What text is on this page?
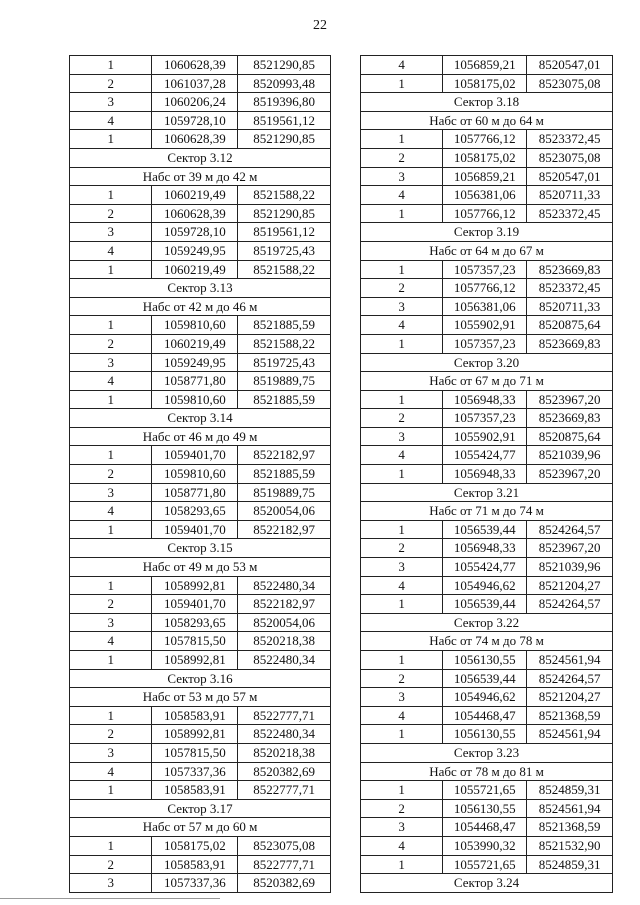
22
1	1060628,39	8521290,85
2	1061037,28	8520993,48
3	1060206,24	8519396,80
4	1059728,10	8519561,12
1	1060628,39	8521290,85
Сектор 3.12		
Набс от 39 м до 42 м		
1	1060219,49	8521588,22
2	1060628,39	8521290,85
3	1059728,10	8519561,12
4	1059249,95	8519725,43
1	1060219,49	8521588,22
Сектор 3.13		
Набс от 42 м до 46 м		
1	1059810,60	8521885,59
2	1060219,49	8521588,22
3	1059249,95	8519725,43
4	1058771,80	8519889,75
1	1059810,60	8521885,59
Сектор 3.14		
Набс от 46 м до 49 м		
1	1059401,70	8522182,97
2	1059810,60	8521885,59
3	1058771,80	8519889,75
4	1058293,65	8520054,06
1	1059401,70	8522182,97
Сектор 3.15		
Набс от 49 м до 53 м		
1	1058992,81	8522480,34
2	1059401,70	8522182,97
3	1058293,65	8520054,06
4	1057815,50	8520218,38
1	1058992,81	8522480,34
Сектор 3.16		
Набс от 53 м до 57 м		
1	1058583,91	8522777,71
2	1058992,81	8522480,34
3	1057815,50	8520218,38
4	1057337,36	8520382,69
1	1058583,91	8522777,71
Сектор 3.17		
Набс от 57 м до 60 м		
1	1058175,02	8523075,08
2	1058583,91	8522777,71
3	1057337,36	8520382,69
4	1056859,21	8520547,01
1	1058175,02	8523075,08
Сектор 3.18		
Набс от 60 м до 64 м		
1	1057766,12	8523372,45
2	1058175,02	8523075,08
3	1056859,21	8520547,01
4	1056381,06	8520711,33
1	1057766,12	8523372,45
Сектор 3.19		
Набс от 64 м до 67 м		
1	1057357,23	8523669,83
2	1057766,12	8523372,45
3	1056381,06	8520711,33
4	1055902,91	8520875,64
1	1057357,23	8523669,83
Сектор 3.20		
Набс от 67 м до 71 м		
1	1056948,33	8523967,20
2	1057357,23	8523669,83
3	1055902,91	8520875,64
4	1055424,77	8521039,96
1	1056948,33	8523967,20
Сектор 3.21		
Набс от 71 м до 74 м		
1	1056539,44	8524264,57
2	1056948,33	8523967,20
3	1055424,77	8521039,96
4	1054946,62	8521204,27
1	1056539,44	8524264,57
Сектор 3.22		
Набс от 74 м до 78 м		
1	1056130,55	8524561,94
2	1056539,44	8524264,57
3	1054946,62	8521204,27
4	1054468,47	8521368,59
1	1056130,55	8524561,94
Сектор 3.23		
Набс от 78 м до 81 м		
1	1055721,65	8524859,31
2	1056130,55	8524561,94
3	1054468,47	8521368,59
4	1053990,32	8521532,90
1	1055721,65	8524859,31
Сектор 3.24		
